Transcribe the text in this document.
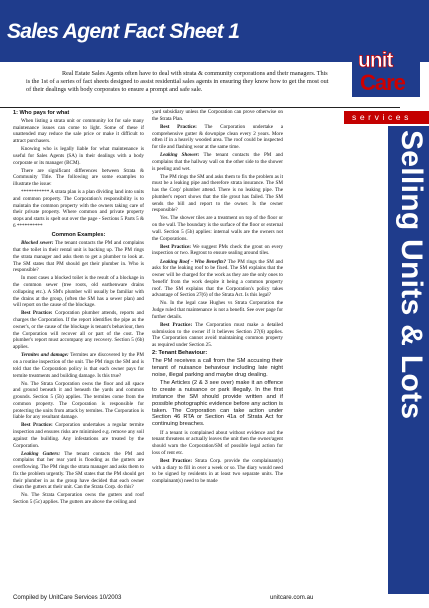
Sales Agent Fact Sheet 1
Real Estate Sales Agents often have to deal with strata & community corporations and their managers. This is the 1st of a series of fact sheets designed to assist residential sales agents in ensuring they know how to get the most out of their dealings with body corporates to ensure a prompt and safe sale.

1: Who pays for what

When listing a strata unit or community lot for sale many maintenance issues can come to light. Some of these if unattended may reduce the sale price or make it difficult to attract purchasers.

Knowing who is legally liable for what maintenance is useful for Sales Agents (SA) in their dealings with a body corporate or its manager (BCM).

There are significant differences between Strata & Community Title. The following are some examples to illustrate the issue:

*********** A strata plan is a plan dividing land into units and common property. The Corporation's responsibility is to maintain the common property with the owners taking care of their private property. Where common and private property stops and starts is spelt out over the page - Sections 5 Parts 5 & 6 **********

Common Examples:

Blocked sewer: The tenant contacts the PM and complains that the toilet in their rental unit is backing up. The PM rings the strata manager and asks them to get a plumber to look at. The SM states that PM should get their plumber in. Who is responsible?

In most cases a blocked toilet is the result of a blockage in the common sewer (tree roots, old earthenware drains collapsing etc.). A SM's plumber will usually be familiar with the drains at the group, (often the SM has a sewer plan) and will report on the cause of the blockage.

Best Practice: Corporation plumber attends, reports and charges the Corporation. If the report identifies the pipe as the owner's, or the cause of the blockage is tenant's behaviour, then the Corporation will recover all or part of the cost. The plumber's report must accompany any recovery. Section 5 (6b) applies.

Termites and damage: Termites are discovered by the PM on a routine inspection of the unit. The PM rings the SM and is told that the Corporation policy is that each owner pays for termite treatments and building damage. Is this true?

No. The Strata Corporation owns the floor and all space and ground beneath it and beneath the yards and common grounds. Section 5 (5b) applies. The termites come from the common property. The Corporation is responsible for protecting the units from attack by termites. The Corporation is liable for any resultant damage.

Best Practice: Corporation undertakes a regular termite inspection and ensures risks are minimised e.g. remove any soil against the building. Any infestations are treated by the Corporation.

Leaking Gutters: The tenant contacts the PM and complains that her rear yard is flooding as the gutters are overflowing. The PM rings the strata manager and asks them to fix the problem urgently. The SM states that the PM should get their plumber in as the group have decided that each owner clean the gutters at their unit. Can the Strata Corp. do this?

No. The Strata Corporation owns the gutters and roof Section 5 (5c) applies. The gutters are above the ceiling and

yard subsidiary unless the Corporation can prove otherwise on the Strata Plan.

Best Practice: The Corporation undertake a comprehensive gutter & downpipe clean every 2 years. More often if in a heavily wooded area. The roof could be inspected for tile and flashing wear at the same time.

Leaking Shower: The tenant contacts the PM and complains that the hallway wall on the other side to the shower is peeling and wet.

The PM rings the SM and asks them to fix the problem as it must be a leaking pipe and therefore strata insurance. The SM has the Corp' plumber attend. There is no leaking pipe. The plumber's report shows that the tile grout has failed. The SM sends the bill and report to the owner. Is the owner responsible?

Yes. The shower tiles are a treatment on top of the floor or on the wall. The boundary is the surface of the floor or external wall. Section 5 (5b) applies: internal walls are the owners not the Corporations.

Best Practice: We suggest PMs check the grout on every inspection or two. Regrout to ensure sealing around tiles.

Leaking Roof - Who Benefits? The PM rings the SM and asks for the leaking roof to be fixed. The SM explains that the owner will be charged for the work as they are the only ones to 'benefit' from the work despite it being a common property roof. The SM explains that the Corporation's policy takes advantage of Section 27(6) of the Strata Act. Is this legal?

No. In the legal case Hughes vs Strata Corporation the Judge ruled that maintenance is not a benefit. See over page for further details.

Best Practice: The Corporation must make a detailed submission to the owner if it believes Section 27(6) applies. The Corporation cannot avoid maintaining common property as required under Section 25.

2: Tenant Behaviour:

The PM receives a call from the SM accusing their tenant of nuisance behaviour including late night noise, illegal parking and maybe drug dealing.

The Articles (2 & 3 see over) make it an offence to create a nuisance or park illegally. In the first instance the SM should provide written and if possible photographic evidence before any action is taken. The Corporation can take action under Section 46 RTA or Section 41a of Strata Act for continuing breaches.

If a tenant is complained about without evidence and the tenant threatens or actually leaves the unit then the owner/agent should warn the Corporation/SM of possible legal action for loss of rent etc.

Best Practice: Strata Corp. provide the complainant(s) with a diary to fill in over a week or so. The diary would need to be signed by residents in at least two separate units. The complainant(s) need to be made

unit
Care
services
Selling Units & Lots
Compiled by UnitCare Services 10/2003	unitcare.com.au
